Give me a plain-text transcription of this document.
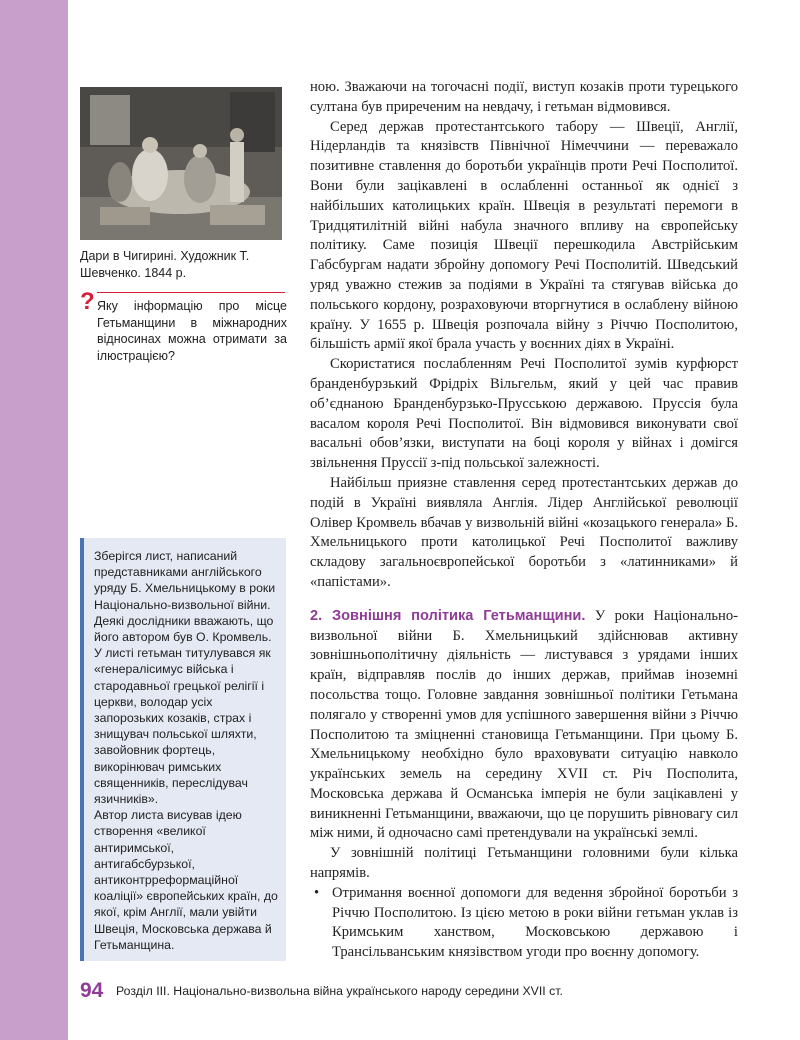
Дари в Чигирині. Художник Т. Шевченко. 1844 р.
? Яку інформацію про місце Гетьманщини в міжнародних відносинах можна отримати за ілюстрацією?

Зберігся лист, написаний представниками англійського уряду Б. Хмельницькому в роки Національно-визвольної війни. Деякі дослідники вважають, що його автором був О. Кромвель. У листі гетьман титулувався як «генералісимус війська і стародавньої грецької релігії і церкви, володар усіх запорозьких козаків, страх і знищувач польської шляхти, завойовник фортець, викорінювач римських священників, переслідувач язичників».

Автор листа висував ідею створення «великої антиримської, антигабсбурзької, антиконтрреформаційної коаліції» європейських країн, до якої, крім Англії, мали увійти Швеція, Московська держава й Гетьманщина.

ною. Зважаючи на тогочасні події, виступ козаків проти турецького султана був приреченим на невдачу, і гетьман відмовився.

Серед держав протестантського табору — Швеції, Англії, Нідерландів та князівств Північної Німеччини — переважало позитивне ставлення до боротьби українців проти Речі Посполитої. Вони були зацікавлені в ослабленні останньої як однієї з найбільших католицьких країн. Швеція в результаті перемоги в Тридцятилітній війні набула значного впливу на європейську політику. Саме позиція Швеції перешкодила Австрійським Габсбургам надати збройну допомогу Речі Посполитій. Шведський уряд уважно стежив за подіями в Україні та стягував війська до польського кордону, розраховуючи вторгнутися в ослаблену війною країну. У 1655 р. Швеція розпочала війну з Річчю Посполитою, більшість армії якої брала участь у воєнних діях в Україні.

Скористатися послабленням Речі Посполитої зумів курфюрст бранденбурзький Фрідріх Вільгельм, який у цей час правив об’єднаною Бранденбурзько-Прусською державою. Пруссія була васалом короля Речі Посполитої. Він відмовився виконувати свої васальні обов’язки, виступати на боці короля у війнах і домігся звільнення Пруссії з-під польської залежності.

Найбільш приязне ставлення серед протестантських держав до подій в Україні виявляла Англія. Лідер Англійської революції Олівер Кромвель вбачав у визвольній війні «козацького генерала» Б. Хмельницького проти католицької Речі Посполитої важливу складову загальноєвропейської боротьби з «латинниками» й «папістами».

2. Зовнішня політика Гетьманщини. У роки Національно-визвольної війни Б. Хмельницький здійснював активну зовнішньополітичну діяльність — листувався з урядами інших країн, відправляв послів до інших держав, приймав іноземні посольства тощо. Головне завдання зовнішньої політики Гетьмана полягало у створенні умов для успішного завершення війни з Річчю Посполитою та зміцненні становища Гетьманщини. При цьому Б. Хмельницькому необхідно було враховувати ситуацію навколо українських земель на середину XVII ст. Річ Посполита, Московська держава й Османська імперія не були зацікавлені у виникненні Гетьманщини, вважаючи, що це порушить рівновагу сил між ними, й одночасно самі претендували на українські землі.

У зовнішній політиці Гетьманщини головними були кілька напрямів.

• Отримання воєнної допомоги для ведення збройної боротьби з Річчю Посполитою. Із цією метою в роки війни гетьман уклав із Кримським ханством, Московською державою і Трансільванським князівством угоди про воєнну допомогу.
94 Розділ ІІІ. Національно-визвольна війна українського народу середини XVII ст.
